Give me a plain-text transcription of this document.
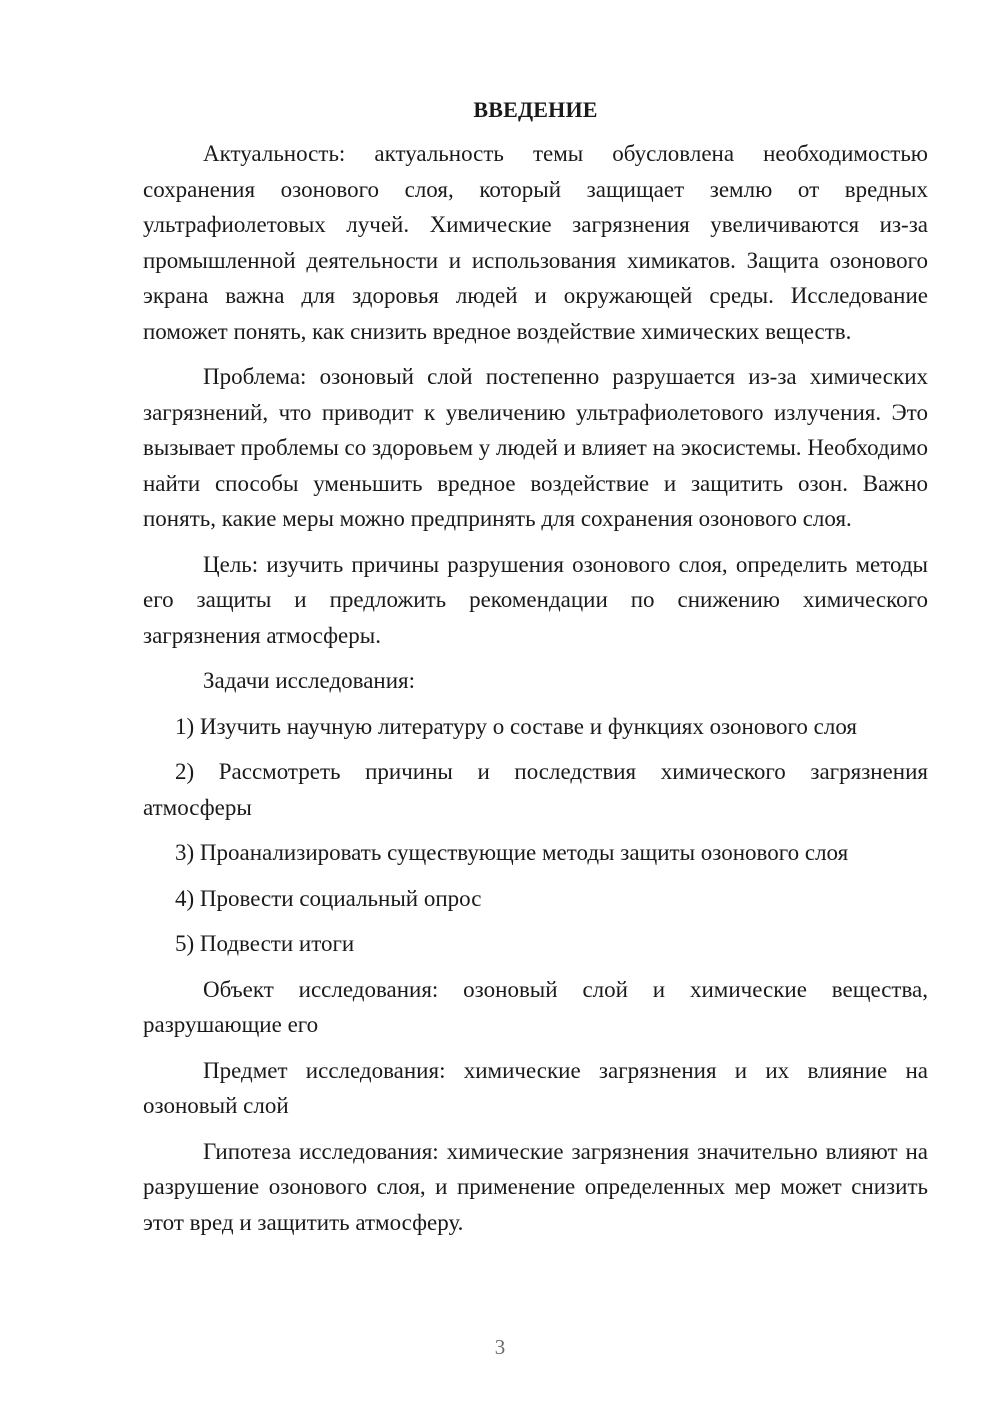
ВВЕДЕНИЕ

Актуальность: актуальность темы обусловлена необходимостью сохранения озонового слоя, который защищает землю от вредных ультрафиолетовых лучей. Химические загрязнения увеличиваются из-за промышленной деятельности и использования химикатов. Защита озонового экрана важна для здоровья людей и окружающей среды. Исследование поможет понять, как снизить вредное воздействие химических веществ.

Проблема: озоновый слой постепенно разрушается из-за химических загрязнений, что приводит к увеличению ультрафиолетового излучения. Это вызывает проблемы со здоровьем у людей и влияет на экосистемы. Необходимо найти способы уменьшить вредное воздействие и защитить озон. Важно понять, какие меры можно предпринять для сохранения озонового слоя.

Цель: изучить причины разрушения озонового слоя, определить методы его защиты и предложить рекомендации по снижению химического загрязнения атмосферы.

Задачи исследования:

1) Изучить научную литературу о составе и функциях озонового слоя

2) Рассмотреть причины и последствия химического загрязнения атмосферы

3) Проанализировать существующие методы защиты озонового слоя

4) Провести социальный опрос

5) Подвести итоги

Объект исследования: озоновый слой и химические вещества, разрушающие его

Предмет исследования: химические загрязнения и их влияние на озоновый слой

Гипотеза исследования: химические загрязнения значительно влияют на разрушение озонового слоя, и применение определенных мер может снизить этот вред и защитить атмосферу.

3
